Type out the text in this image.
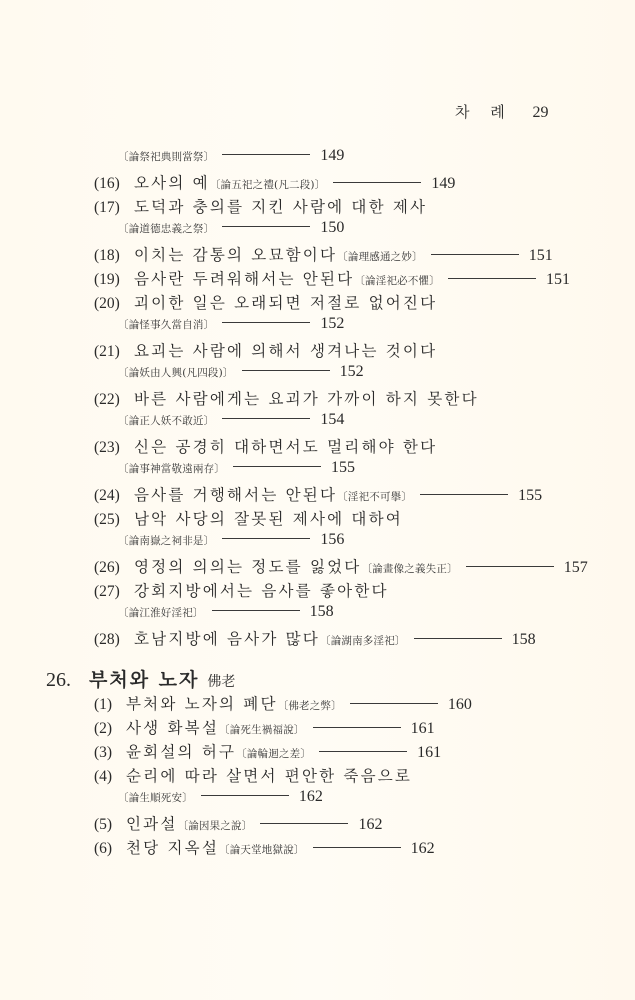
차 례 29
〔論祭祀典則當祭〕	149
(16) 오사의 예 〔論五祀之禮(凡二段)〕	149
(17) 도덕과 충의를 지킨 사람에 대한 제사
〔論道德忠義之祭〕	150
(18) 이치는 감통의 오묘함이다 〔論理感通之妙〕	151
(19) 음사란 두려워해서는 안된다 〔論淫祀必不懼〕	151
(20) 괴이한 일은 오래되면 저절로 없어진다
〔論怪事久當自消〕	152
(21) 요괴는 사람에 의해서 생겨나는 것이다
〔論妖由人興(凡四段)〕	152
(22) 바른 사람에게는 요괴가 가까이 하지 못한다
〔論正人妖不敢近〕	154
(23) 신은 공경히 대하면서도 멀리해야 한다
〔論事神當敬遠兩存〕	155
(24) 음사를 거행해서는 안된다 〔淫祀不可擧〕	155
(25) 남악 사당의 잘못된 제사에 대하여
〔論南嶽之祠非是〕	156
(26) 영정의 의의는 정도를 잃었다 〔論畫像之義失正〕	157
(27) 강회지방에서는 음사를 좋아한다
〔論江淮好淫祀〕	158
(28) 호남지방에 음사가 많다 〔論湖南多淫祀〕	158
26. 부처와 노자 佛老
(1) 부처와 노자의 폐단 〔佛老之弊〕	160
(2) 사생 화복설 〔論死生禍福說〕	161
(3) 윤회설의 허구 〔論輪迴之差〕	161
(4) 순리에 따라 살면서 편안한 죽음으로
〔論生順死安〕	162
(5) 인과설 〔論因果之說〕	162
(6) 천당 지옥설 〔論天堂地獄說〕	162
